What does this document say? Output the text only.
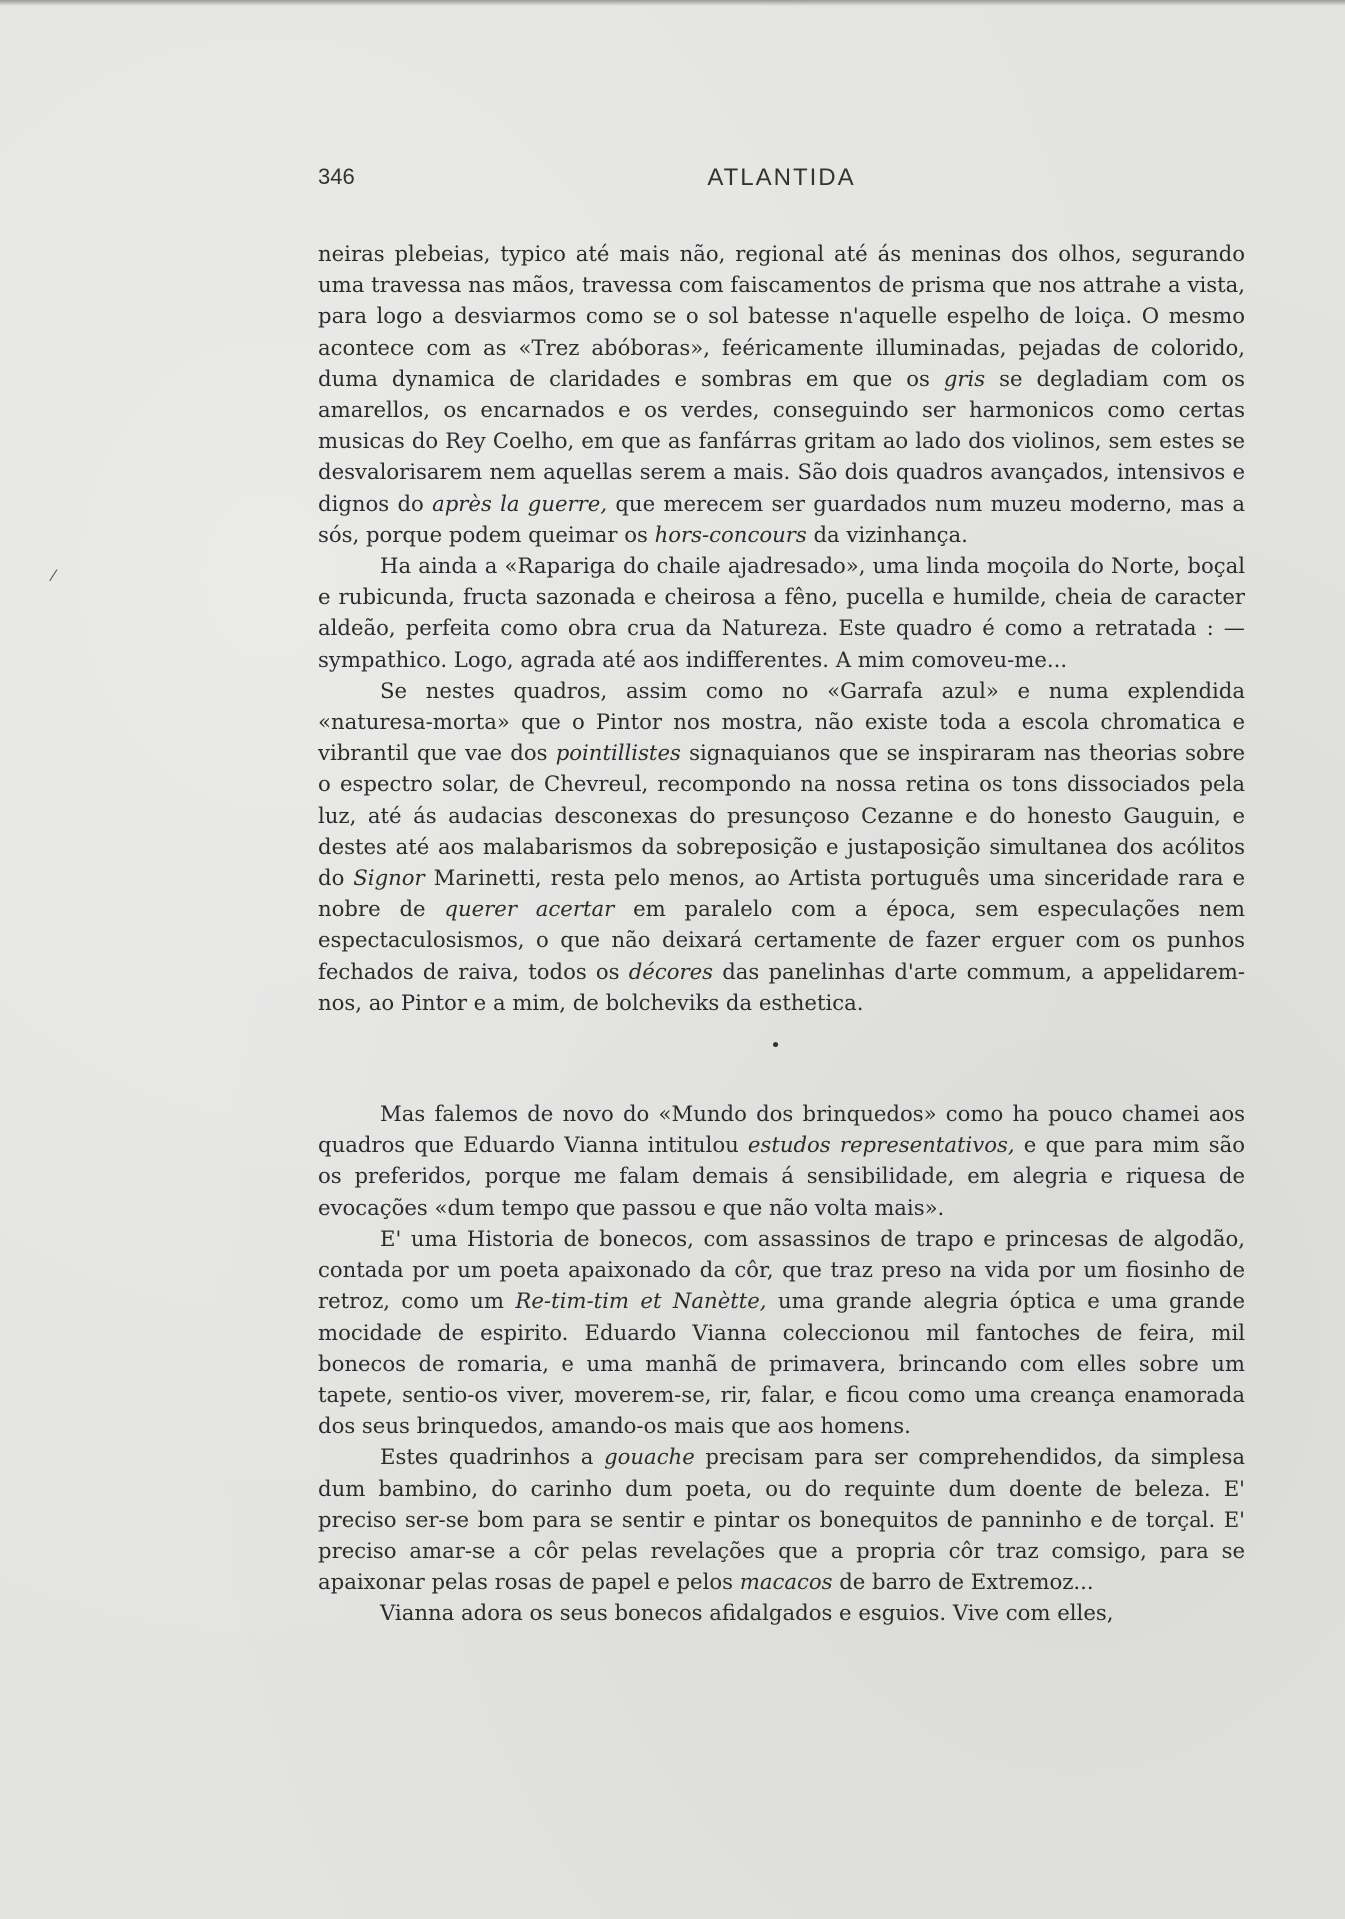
346	ATLANTIDA

neiras plebeias, typico até mais não, regional até ás meninas dos olhos, segurando uma travessa nas mãos, travessa com faiscamentos de prisma que nos attrahe a vista, para logo a desviarmos como se o sol batesse n'aquelle espelho de loiça. O mesmo acontece com as «Trez abóboras», feéricamente illuminadas, pejadas de colorido, duma dynamica de claridades e sombras em que os gris se degladiam com os amarellos, os encarnados e os verdes, conseguindo ser harmonicos como certas musicas do Rey Coelho, em que as fanfárras gritam ao lado dos violinos, sem estes se desvalorisarem nem aquellas serem a mais. São dois quadros avançados, intensivos e dignos do après la guerre, que merecem ser guardados num muzeu moderno, mas a sós, porque podem queimar os hors-concours da vizinhança.

Ha ainda a «Rapariga do chaile ajadresado», uma linda moçoila do Norte, boçal e rubicunda, fructa sazonada e cheirosa a fêno, pucella e humilde, cheia de caracter aldeão, perfeita como obra crua da Natureza. Este quadro é como a retratada : — sympathico. Logo, agrada até aos indifferentes. A mim comoveu-me...

Se nestes quadros, assim como no «Garrafa azul» e numa explendida «naturesa-morta» que o Pintor nos mostra, não existe toda a escola chromatica e vibrantil que vae dos pointillistes signaquianos que se inspiraram nas theorias sobre o espectro solar, de Chevreul, recompondo na nossa retina os tons dissociados pela luz, até ás audacias desconexas do presunçoso Cezanne e do honesto Gauguin, e destes até aos malabarismos da sobreposição e justaposição simultanea dos acólitos do Signor Marinetti, resta pelo menos, ao Artista português uma sinceridade rara e nobre de querer acertar em paralelo com a época, sem especulações nem espectaculosismos, o que não deixará certamente de fazer erguer com os punhos fechados de raiva, todos os décores das panelinhas d'arte commum, a appelidarem-nos, ao Pintor e a mim, de bolcheviks da esthetica.

•

Mas falemos de novo do «Mundo dos brinquedos» como ha pouco chamei aos quadros que Eduardo Vianna intitulou estudos representativos, e que para mim são os preferidos, porque me falam demais á sensibilidade, em alegria e riquesa de evocações «dum tempo que passou e que não volta mais».

E' uma Historia de bonecos, com assassinos de trapo e princesas de algodão, contada por um poeta apaixonado da côr, que traz preso na vida por um fiosinho de retroz, como um Re-tim-tim et Nanètte, uma grande alegria óptica e uma grande mocidade de espirito. Eduardo Vianna coleccionou mil fantoches de feira, mil bonecos de romaria, e uma manhã de primavera, brincando com elles sobre um tapete, sentio-os viver, moverem-se, rir, falar, e ficou como uma creança enamorada dos seus brinquedos, amando-os mais que aos homens.

Estes quadrinhos a gouache precisam para ser comprehendidos, da simplesa dum bambino, do carinho dum poeta, ou do requinte dum doente de beleza. E' preciso ser-se bom para se sentir e pintar os bonequitos de panninho e de torçal. E' preciso amar-se a côr pelas revelações que a propria côr traz comsigo, para se apaixonar pelas rosas de papel e pelos macacos de barro de Extremoz...

Vianna adora os seus bonecos afidalgados e esguios. Vive com elles,

⁄
